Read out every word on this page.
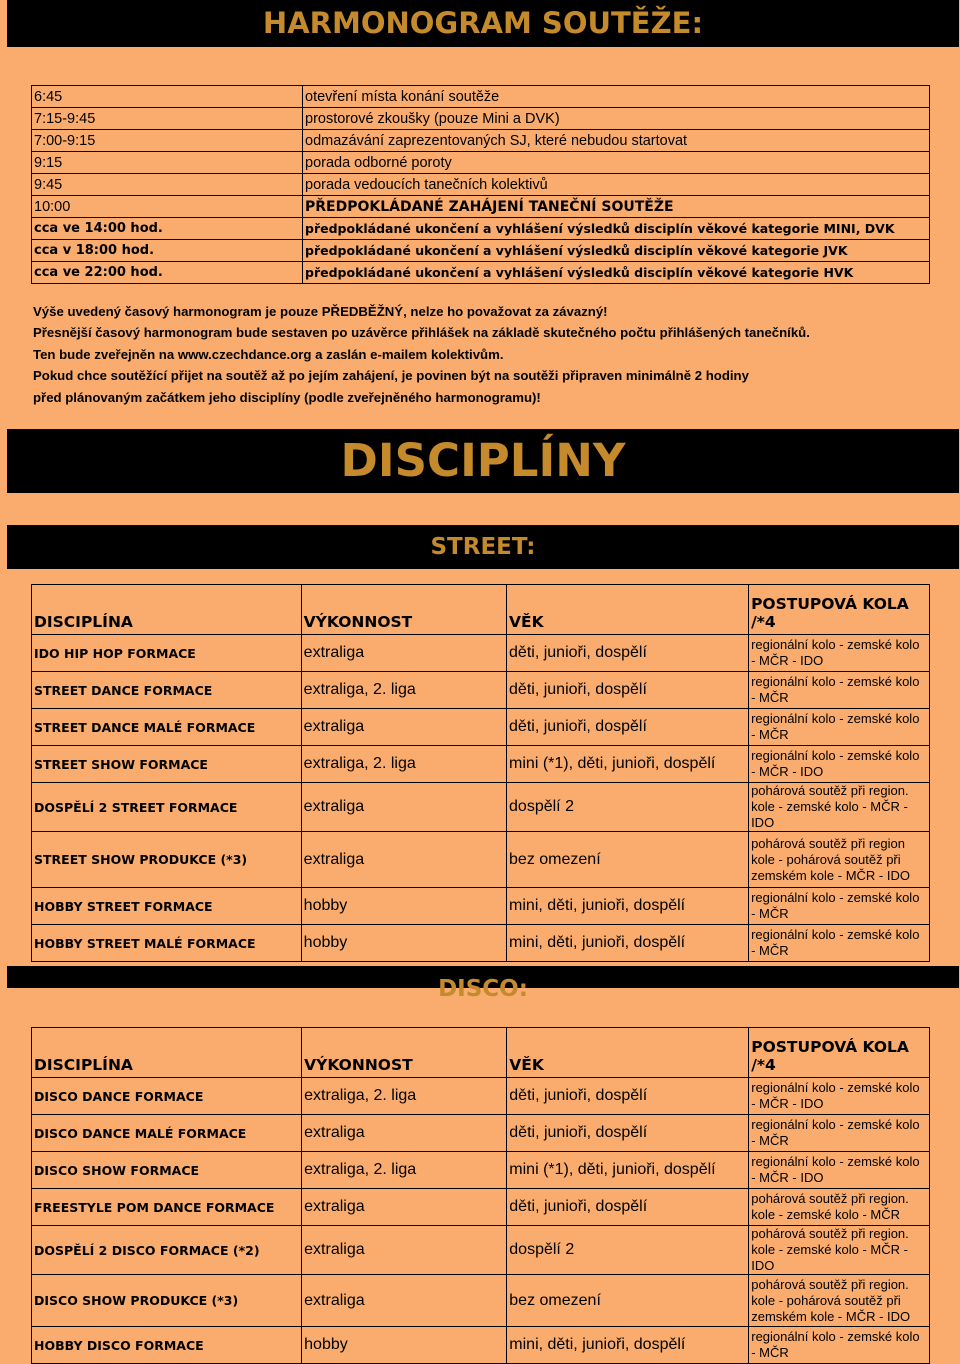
HARMONOGRAM SOUTĚŽE:
6:45	otevření místa konání soutěže
7:15-9:45	prostorové zkoušky (pouze Mini a DVK)
7:00-9:15	odmazávání zaprezentovaných SJ, které nebudou startovat
9:15	porada odborné poroty
9:45	porada vedoucích tanečních kolektivů
10:00	PŘEDPOKLÁDANÉ ZAHÁJENÍ TANEČNÍ SOUTĚŽE
cca ve 14:00 hod.	předpokládané ukončení a vyhlášení výsledků disciplín věkové kategorie MINI, DVK
cca v 18:00 hod.	předpokládané ukončení a vyhlášení výsledků disciplín věkové kategorie JVK
cca ve 22:00 hod.	předpokládané ukončení a vyhlášení výsledků disciplín věkové kategorie HVK
Výše uvedený časový harmonogram je pouze PŘEDBĚŽNÝ, nelze ho považovat za závazný!
Přesnější časový harmonogram bude sestaven po uzávěrce přihlášek na základě skutečného počtu přihlášených tanečníků.
Ten bude zveřejněn na www.czechdance.org a zaslán e-mailem kolektivům.
Pokud chce soutěžící přijet na soutěž až po jejím zahájení, je povinen být na soutěži připraven minimálně 2 hodiny
před plánovaným začátkem jeho disciplíny (podle zveřejněného harmonogramu)!
DISCIPLÍNY
STREET:
DISCIPLÍNA	VÝKONNOST	VĚK	POSTUPOVÁ KOLA
/*4
IDO HIP HOP FORMACE	extraliga	děti, junioři, dospělí	regionální kolo - zemské kolo - MČR - IDO
STREET DANCE FORMACE	extraliga, 2. liga	děti, junioři, dospělí	regionální kolo - zemské kolo - MČR
STREET DANCE MALÉ FORMACE	extraliga	děti, junioři, dospělí	regionální kolo - zemské kolo - MČR
STREET SHOW FORMACE	extraliga, 2. liga	mini (*1), děti, junioři, dospělí	regionální kolo - zemské kolo - MČR - IDO
DOSPĚLÍ 2 STREET FORMACE	extraliga	dospělí 2	pohárová soutěž při region. kole - zemské kolo - MČR - IDO
STREET SHOW PRODUKCE (*3)	extraliga	bez omezení	pohárová soutěž při region kole - pohárová soutěž při zemském kole - MČR - IDO
HOBBY STREET FORMACE	hobby	mini, děti, junioři, dospělí	regionální kolo - zemské kolo - MČR
HOBBY STREET MALÉ FORMACE	hobby	mini, děti, junioři, dospělí	regionální kolo - zemské kolo - MČR
DISCO:
DISCIPLÍNA	VÝKONNOST	VĚK	POSTUPOVÁ KOLA
/*4
DISCO DANCE FORMACE	extraliga, 2. liga	děti, junioři, dospělí	regionální kolo - zemské kolo - MČR - IDO
DISCO DANCE MALÉ FORMACE	extraliga	děti, junioři, dospělí	regionální kolo - zemské kolo - MČR
DISCO SHOW FORMACE	extraliga, 2. liga	mini (*1), děti, junioři, dospělí	regionální kolo - zemské kolo - MČR - IDO
FREESTYLE POM DANCE FORMACE	extraliga	děti, junioři, dospělí	pohárová soutěž při region. kole - zemské kolo - MČR
DOSPĚLÍ 2 DISCO FORMACE (*2)	extraliga	dospělí 2	pohárová soutěž při region. kole - zemské kolo - MČR - IDO
DISCO SHOW PRODUKCE (*3)	extraliga	bez omezení	pohárová soutěž při region. kole - pohárová soutěž při zemském kole - MČR - IDO
HOBBY DISCO FORMACE	hobby	mini, děti, junioři, dospělí	regionální kolo - zemské kolo - MČR
